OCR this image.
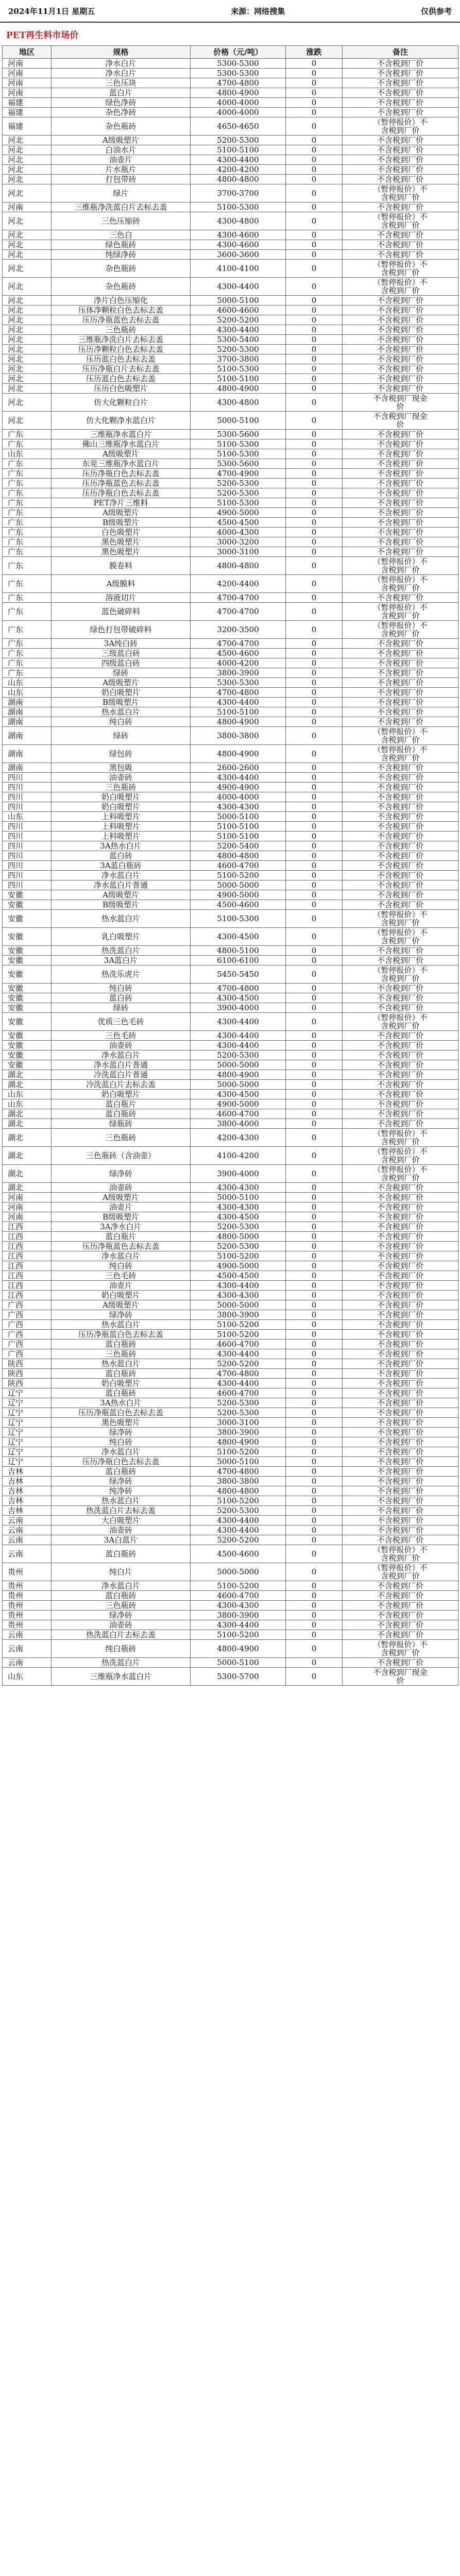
2024年11月1日 星期五	来源：网络搜集	仅供参考
PET再生料市场价
地区	规格	价格（元/吨）	涨跌	备注
河南	净水白片	5300-5300	0	不含税到厂价
河南	净水白片	5300-5300	0	不含税到厂价
河南	三色压块	4700-4800	0	不含税到厂价
河南	蓝白片	4800-4900	0	不含税到厂价
福建	绿色净砖	4000-4000	0	不含税到厂价
福建	杂色净砖	4000-4000	0	不含税到厂价
福建	杂色瓶砖	4650-4650	0	（暂停报价）不
含税到厂价
河北	A级吸塑片	5200-5300	0	不含税到厂价
河北	白油水片	5100-5100	0	不含税到厂价
河北	油壶片	4300-4400	0	不含税到厂价
河北	片水瓶片	4200-4200	0	不含税到厂价
河北	打包带砖	4800-4800	0	不含税到厂价
河北	绿片	3700-3700	0	（暂停报价）不
含税到厂价
河南	三维瓶净洗蓝白片去标去盖	5100-5300	0	不含税到厂价
河北	三色压缩砖	4300-4800	0	（暂停报价）不
含税到厂价
河北	三色白	4300-4600	0	不含税到厂价
河北	绿色瓶砖	4300-4600	0	不含税到厂价
河北	纯绿净砖	3600-3600	0	不含税到厂价
河北	杂色瓶砖	4100-4100	0	（暂停报价）不
含税到厂价
河北	杂色瓶砖	4300-4400	0	（暂停报价）不
含税到厂价
河北	净片白色压缩化	5000-5100	0	不含税到厂价
河北	压体净颗粒白色去标去盖	4600-4600	0	不含税到厂价
河北	压历净瓶蓝色去标去盖	5200-5200	0	不含税到厂价
河北	三色瓶砖	4300-4400	0	不含税到厂价
河北	三维瓶净洗白片去标去盖	5300-5400	0	不含税到厂价
河北	压历净颗粒白色去标去盖	5200-5300	0	不含税到厂价
河北	压历蓝白色去标去盖	3700-3800	0	不含税到厂价
河北	压历净瓶白片去标去盖	5100-5300	0	不含税到厂价
河北	压历蓝白色去标去盖	5100-5100	0	不含税到厂价
河北	压历白色吸塑片	4800-4900	0	不含税到厂价
河北	仿大化颗粒白片	4300-4800	0	不含税到厂现金
价
河北	仿大化颗净水蓝白片	5000-5100	0	不含税到厂现金
价
广东	三维瓶净水蓝白片	5300-5600	0	不含税到厂价
广东	佛山三维瓶净水蓝白片	5100-5300	0	不含税到厂价
山东	A级吸塑片	5100-5300	0	不含税到厂价
广东	东莞三维瓶净水蓝白片	5300-5600	0	不含税到厂价
广东	压历净瓶白色去标去盖	4700-4900	0	不含税到厂价
广东	压历净瓶蓝色去标去盖	5200-5300	0	不含税到厂价
广东	压历净瓶白色去标去盖	5200-5300	0	不含税到厂价
广东	PET净片三维料	5100-5300	0	不含税到厂价
广东	A级吸塑片	4900-5000	0	不含税到厂价
广东	B级吸塑片	4500-4500	0	不含税到厂价
广东	白色吸塑片	4000-4300	0	不含税到厂价
广东	黑色吸塑片	3000-3200	0	不含税到厂价
广东	黑色吸塑片	3000-3100	0	不含税到厂价
广东	膜卷料	4800-4800	0	（暂停报价）不
含税到厂价
广东	A级膜料	4200-4400	0	（暂停报价）不
含税到厂价
广东	溶液切片	4700-4700	0	不含税到厂价
广东	蓝色破碎料	4700-4700	0	（暂停报价）不
含税到厂价
广东	绿色打包带破碎料	3200-3500	0	（暂停报价）不
含税到厂价
广东	3A纯白砖	4700-4700	0	不含税到厂价
广东	三级蓝白砖	4500-4600	0	不含税到厂价
广东	四级蓝白砖	4000-4200	0	不含税到厂价
广东	绿砖	3800-3900	0	不含税到厂价
山东	A级吸塑片	5300-5300	0	不含税到厂价
山东	奶白吸塑片	4700-4800	0	不含税到厂价
湖南	B级吸塑片	4300-4400	0	不含税到厂价
湖南	热水蓝白片	5100-5100	0	不含税到厂价
湖南	纯白砖	4800-4900	0	不含税到厂价
湖南	绿砖	3800-3800	0	（暂停报价）不
含税到厂价
湖南	绿包砖	4800-4900	0	（暂停报价）不
含税到厂价
湖南	黑包吸	2600-2600	0	不含税到厂价
四川	油壶砖	4300-4400	0	不含税到厂价
四川	三色瓶砖	4900-4900	0	不含税到厂价
四川	奶白吸塑片	4000-4000	0	不含税到厂价
四川	奶白吸塑片	4300-4300	0	不含税到厂价
山东	上料吸塑片	5000-5100	0	不含税到厂价
四川	上料吸塑片	5100-5100	0	不含税到厂价
四川	上料吸塑片	5100-5100	0	不含税到厂价
四川	3A热水白片	5200-5400	0	不含税到厂价
四川	蓝白砖	4800-4800	0	不含税到厂价
四川	3A蓝白瓶砖	4600-4700	0	不含税到厂价
四川	净水蓝白片	5100-5200	0	不含税到厂价
四川	净水蓝白片普通	5000-5000	0	不含税到厂价
安徽	A级吸塑片	4900-5000	0	不含税到厂价
安徽	B级吸塑片	4500-4600	0	不含税到厂价
安徽	热水蓝白片	5100-5300	0	（暂停报价）不
含税到厂价
安徽	乳白吸塑片	4300-4500	0	（暂停报价）不
含税到厂价
安徽	热洗蓝白片	4800-5100	0	不含税到厂价
安徽	3A蓝白片	6100-6100	0	不含税到厂价
安徽	热洗乐虎片	5450-5450	0	（暂停报价）不
含税到厂价
安徽	纯白砖	4700-4800	0	不含税到厂价
安徽	蓝白砖	4300-4500	0	不含税到厂价
安徽	绿砖	3900-4000	0	不含税到厂价
安徽	优质三色毛砖	4300-4400	0	（暂停报价）不
含税到厂价
安徽	三色毛砖	4300-4400	0	不含税到厂价
安徽	油壶砖	4300-4400	0	不含税到厂价
安徽	净水蓝白片	5200-5300	0	不含税到厂价
安徽	净水蓝白片普通	5000-5000	0	不含税到厂价
湖北	冷洗蓝白片普通	4800-4900	0	不含税到厂价
湖北	冷洗蓝白片去标去盖	5000-5000	0	不含税到厂价
山东	奶白吸塑片	4300-4500	0	不含税到厂价
山东	蓝白瓶片	4900-5000	0	不含税到厂价
湖北	蓝白瓶砖	4600-4700	0	不含税到厂价
湖北	绿瓶砖	3800-4000	0	不含税到厂价
湖北	三色瓶砖	4200-4300	0	（暂停报价）不
含税到厂价
湖北	三色瓶砖（含油壶）	4100-4200	0	（暂停报价）不
含税到厂价
湖北	绿净砖	3900-4000	0	（暂停报价）不
含税到厂价
湖北	油壶砖	4300-4300	0	不含税到厂价
河南	A级吸塑片	5000-5100	0	不含税到厂价
河南	油壶片	4300-4300	0	不含税到厂价
河南	B级吸塑片	4300-4500	0	不含税到厂价
江西	3A净水白片	5200-5300	0	不含税到厂价
江西	蓝白瓶片	4800-5000	0	不含税到厂价
江西	压历净瓶蓝色去标去盖	5200-5300	0	不含税到厂价
江西	净水蓝白片	5100-5200	0	不含税到厂价
江西	纯白砖	4900-5000	0	不含税到厂价
江西	三色毛砖	4500-4500	0	不含税到厂价
江西	油壶片	4300-4400	0	不含税到厂价
江西	奶白吸塑片	4300-4300	0	不含税到厂价
广西	A级吸塑片	5000-5000	0	不含税到厂价
广西	绿净砖	3800-3900	0	不含税到厂价
广西	热水蓝白片	5100-5200	0	不含税到厂价
广西	压历净瓶蓝白色去标去盖	5100-5200	0	不含税到厂价
广西	蓝白瓶砖	4600-4700	0	不含税到厂价
广西	三色瓶砖	4300-4400	0	不含税到厂价
陕西	热水蓝白片	5200-5200	0	不含税到厂价
陕西	蓝白瓶砖	4700-4800	0	不含税到厂价
陕西	奶白吸塑片	4300-4400	0	不含税到厂价
辽宁	蓝白瓶砖	4600-4700	0	不含税到厂价
辽宁	3A热水白片	5200-5300	0	不含税到厂价
辽宁	压历净瓶蓝白色去标去盖	5200-5300	0	不含税到厂价
辽宁	黑色吸塑片	3000-3100	0	不含税到厂价
辽宁	绿净砖	3800-3900	0	不含税到厂价
辽宁	纯白砖	4800-4900	0	不含税到厂价
辽宁	净水蓝白片	5100-5200	0	不含税到厂价
辽宁	压历净瓶白色去标去盖	5000-5100	0	不含税到厂价
吉林	蓝白瓶砖	4700-4800	0	不含税到厂价
吉林	绿净砖	3800-3800	0	不含税到厂价
吉林	纯净砖	4800-4800	0	不含税到厂价
吉林	热水蓝白片	5100-5200	0	不含税到厂价
吉林	热洗蓝白片去标去盖	5200-5300	0	不含税到厂价
云南	大白吸塑片	4300-4400	0	不含税到厂价
云南	油壶砖	4300-4400	0	不含税到厂价
云南	3A白蓝片	5200-5200	0	不含税到厂价
云南	蓝白瓶砖	4500-4600	0	（暂停报价）不
含税到厂价
贵州	纯白片	5000-5000	0	（暂停报价）不
含税到厂价
贵州	净水蓝白片	5100-5200	0	不含税到厂价
贵州	蓝白瓶砖	4600-4700	0	不含税到厂价
贵州	三色瓶砖	4300-4300	0	不含税到厂价
贵州	绿净砖	3800-3900	0	不含税到厂价
贵州	油壶砖	4300-4400	0	不含税到厂价
云南	热洗蓝白片去标去盖	5100-5200	0	不含税到厂价
云南	纯白瓶砖	4800-4900	0	（暂停报价）不
含税到厂价
云南	热洗蓝白片	5000-5100	0	不含税到厂价
山东	三维瓶净水蓝白片	5300-5700	0	不含税到厂现金
价
